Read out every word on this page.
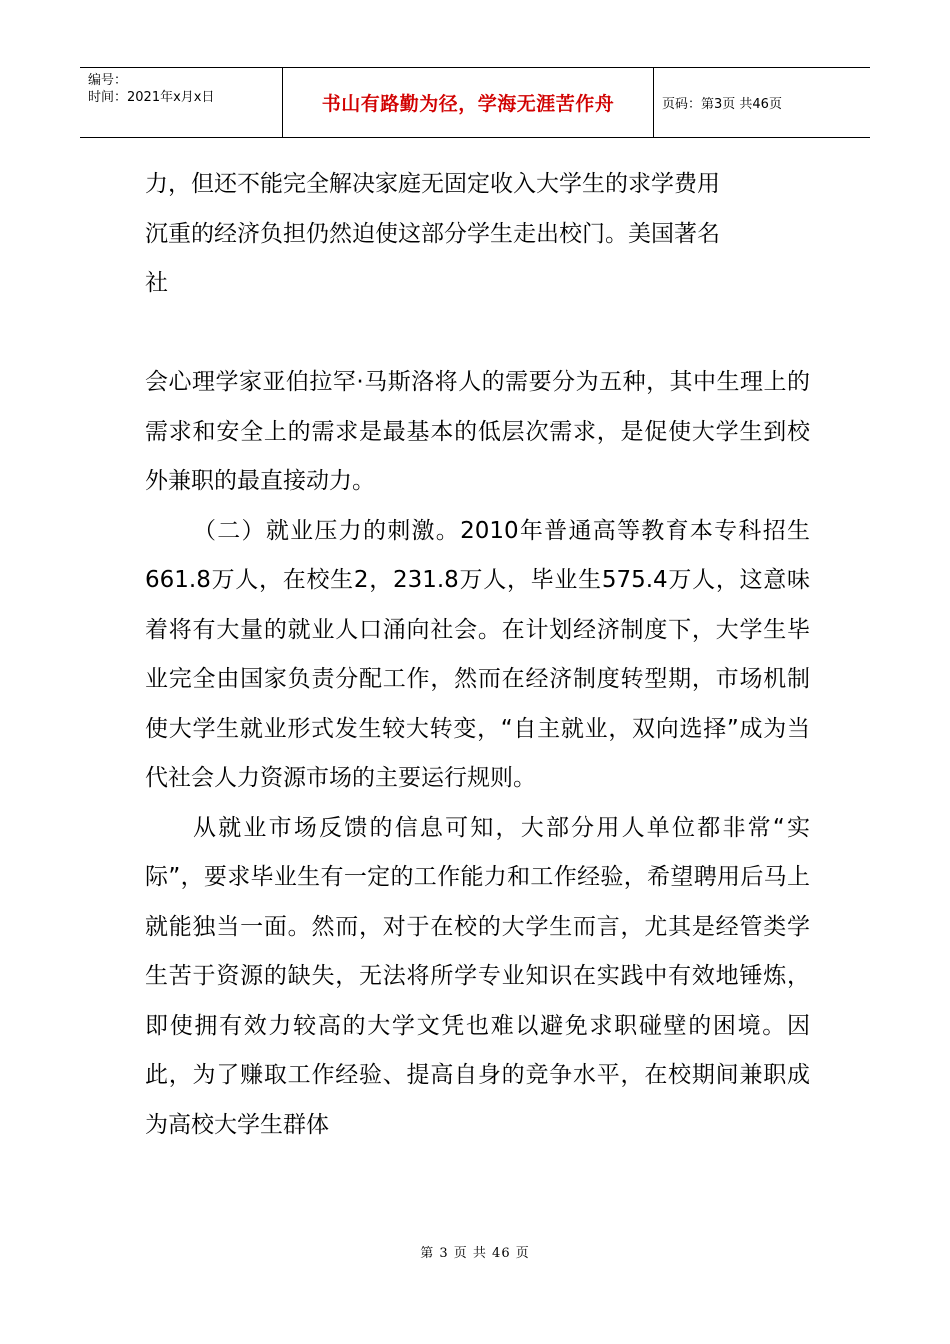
编号：
时间：2021年x月x日	书山有路勤为径，学海无涯苦作舟	页码：第3页 共46页

力，但还不能完全解决家庭无固定收入大学生的求学费用

沉重的经济负担仍然迫使这部分学生走出校门。美国著名

社

会心理学家亚伯拉罕·马斯洛将人的需要分为五种，其中生理上的需求和安全上的需求是最基本的低层次需求，是促使大学生到校外兼职的最直接动力。

（二）就业压力的刺激。2010年普通高等教育本专科招生661.8万人，在校生2，231.8万人，毕业生575.4万人，这意味着将有大量的就业人口涌向社会。在计划经济制度下，大学生毕业完全由国家负责分配工作，然而在经济制度转型期，市场机制使大学生就业形式发生较大转变，“自主就业，双向选择”成为当代社会人力资源市场的主要运行规则。

从就业市场反馈的信息可知，大部分用人单位都非常“实际”，要求毕业生有一定的工作能力和工作经验，希望聘用后马上就能独当一面。然而，对于在校的大学生而言，尤其是经管类学生苦于资源的缺失，无法将所学专业知识在实践中有效地锤炼，即使拥有效力较高的大学文凭也难以避免求职碰壁的困境。因此，为了赚取工作经验、提高自身的竞争水平，在校期间兼职成为高校大学生群体

第 3 页 共 46 页
